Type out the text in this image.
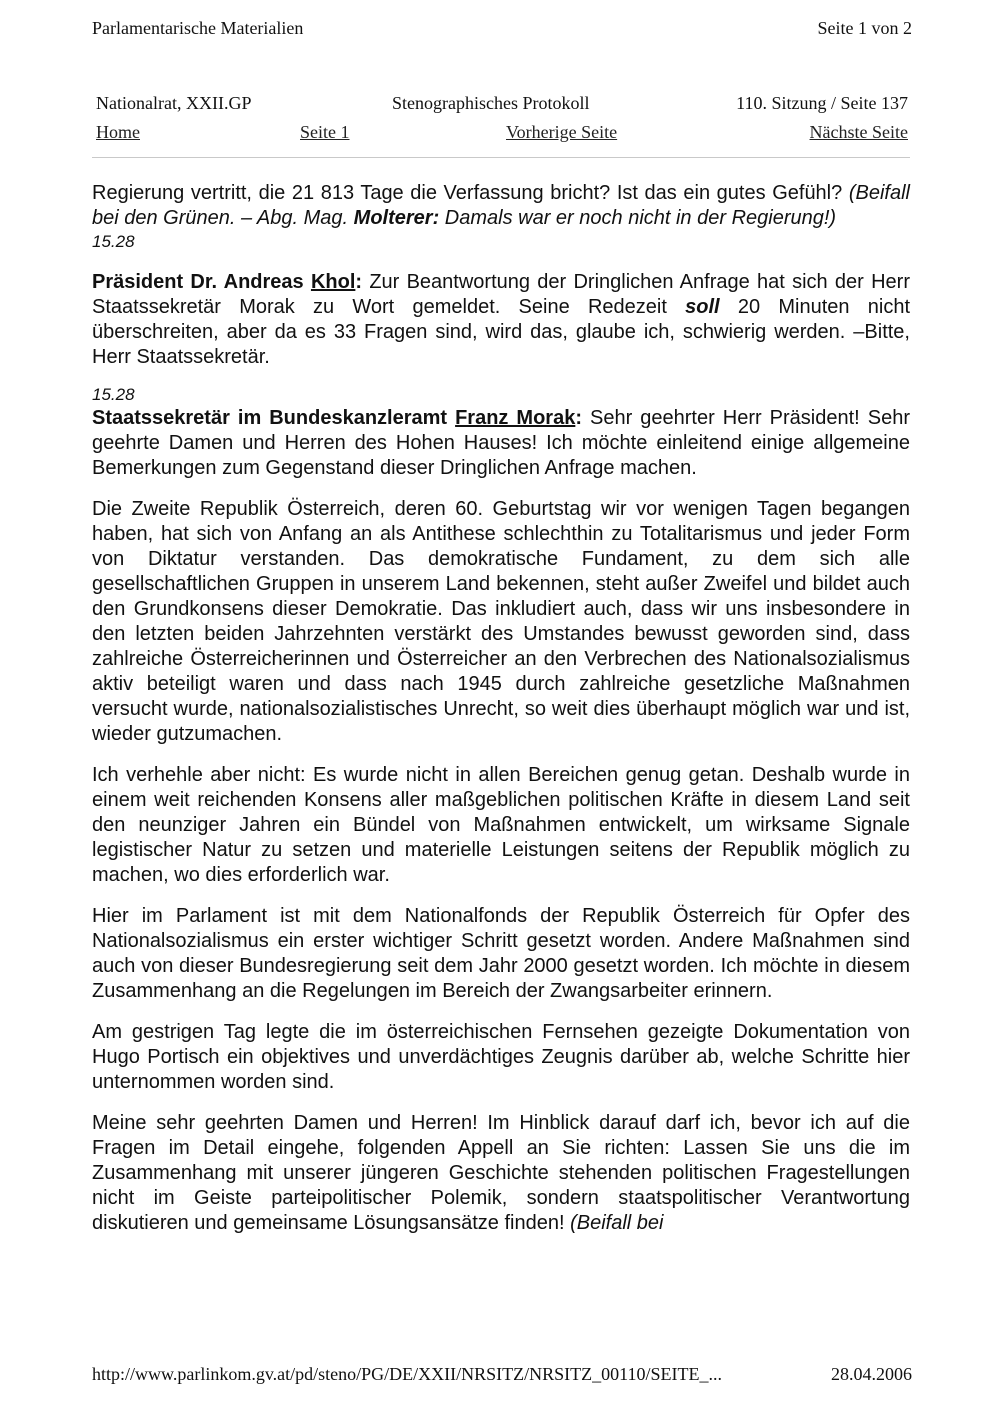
Parlamentarische Materialien	Seite 1 von 2
Nationalrat, XXII.GP	Stenographisches Protokoll	110. Sitzung / Seite 137
Home	Seite 1	Vorherige Seite	Nächste Seite

Regierung vertritt, die 21 813 Tage die Verfassung bricht? Ist das ein gutes Gefühl? (Beifall bei den Grünen. – Abg. Mag. Molterer: Damals war er noch nicht in der Regierung!)

15.28

Präsident Dr. Andreas Khol: Zur Beantwortung der Dringlichen Anfrage hat sich der Herr Staatssekretär Morak zu Wort gemeldet. Seine Redezeit soll 20 Minuten nicht überschreiten, aber da es 33 Fragen sind, wird das, glaube ich, schwierig werden. –Bitte, Herr Staatssekretär.

15.28

Staatssekretär im Bundeskanzleramt Franz Morak: Sehr geehrter Herr Präsident! Sehr geehrte Damen und Herren des Hohen Hauses! Ich möchte einleitend einige allgemeine Bemerkungen zum Gegenstand dieser Dringlichen Anfrage machen.

Die Zweite Republik Österreich, deren 60. Geburtstag wir vor wenigen Tagen begangen haben, hat sich von Anfang an als Antithese schlechthin zu Totalitarismus und jeder Form von Diktatur verstanden. Das demokratische Fundament, zu dem sich alle gesellschaftlichen Gruppen in unserem Land bekennen, steht außer Zweifel und bildet auch den Grundkonsens dieser Demokratie. Das inkludiert auch, dass wir uns insbesondere in den letzten beiden Jahrzehnten verstärkt des Umstandes bewusst geworden sind, dass zahlreiche Österreicherinnen und Österreicher an den Verbrechen des Nationalsozialismus aktiv beteiligt waren und dass nach 1945 durch zahlreiche gesetzliche Maßnahmen versucht wurde, nationalsozialistisches Unrecht, so weit dies überhaupt möglich war und ist, wieder gutzumachen.

Ich verhehle aber nicht: Es wurde nicht in allen Bereichen genug getan. Deshalb wurde in einem weit reichenden Konsens aller maßgeblichen politischen Kräfte in diesem Land seit den neunziger Jahren ein Bündel von Maßnahmen entwickelt, um wirksame Signale legistischer Natur zu setzen und materielle Leistungen seitens der Republik möglich zu machen, wo dies erforderlich war.

Hier im Parlament ist mit dem Nationalfonds der Republik Österreich für Opfer des Nationalsozialismus ein erster wichtiger Schritt gesetzt worden. Andere Maßnahmen sind auch von dieser Bundesregierung seit dem Jahr 2000 gesetzt worden. Ich möchte in diesem Zusammenhang an die Regelungen im Bereich der Zwangsarbeiter erinnern.

Am gestrigen Tag legte die im österreichischen Fernsehen gezeigte Dokumentation von Hugo Portisch ein objektives und unverdächtiges Zeugnis darüber ab, welche Schritte hier unternommen worden sind.

Meine sehr geehrten Damen und Herren! Im Hinblick darauf darf ich, bevor ich auf die Fragen im Detail eingehe, folgenden Appell an Sie richten: Lassen Sie uns die im Zusammenhang mit unserer jüngeren Geschichte stehenden politischen Fragestellungen nicht im Geiste parteipolitischer Polemik, sondern staatspolitischer Verantwortung diskutieren und gemeinsame Lösungsansätze finden! (Beifall bei

http://www.parlinkom.gv.at/pd/steno/PG/DE/XXII/NRSITZ/NRSITZ_00110/SEITE_...	28.04.2006
